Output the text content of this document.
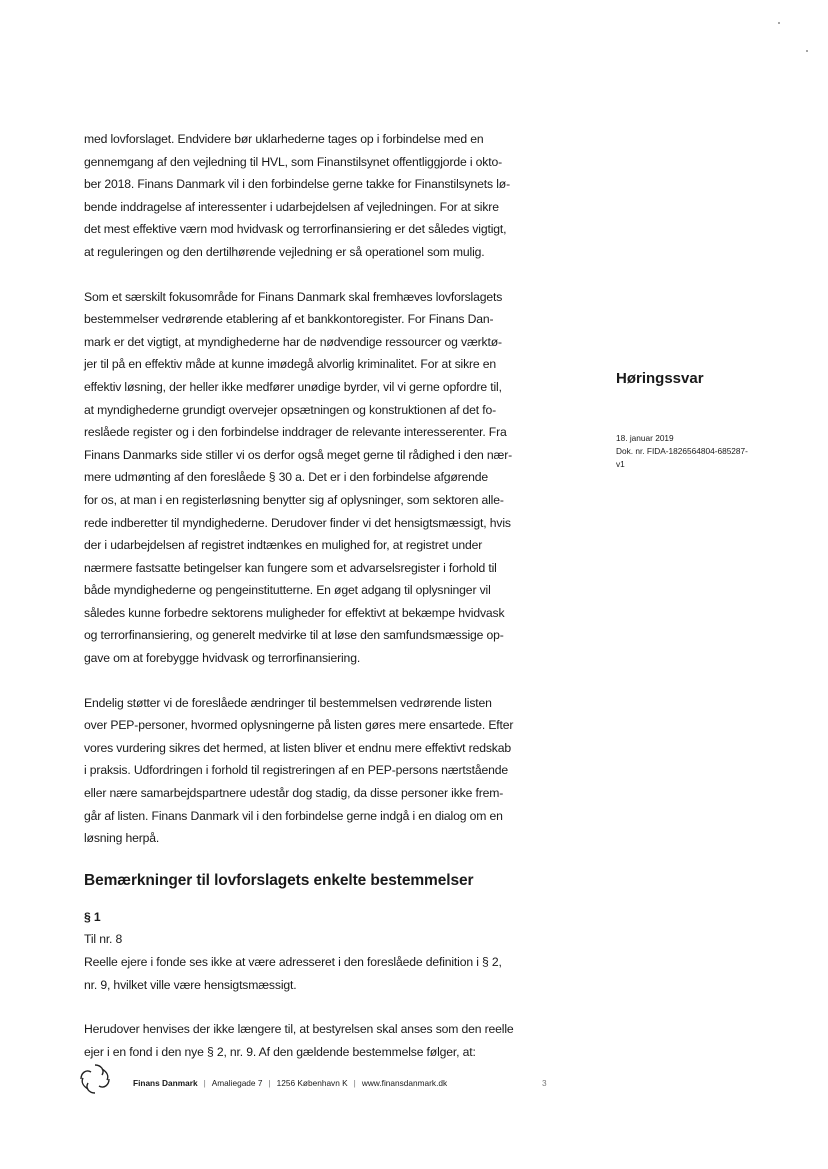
med lovforslaget. Endvidere bør uklarhederne tages op i forbindelse med en

gennemgang af den vejledning til HVL, som Finanstilsynet offentliggjorde i okto-

ber 2018. Finans Danmark vil i den forbindelse gerne takke for Finanstilsynets lø-

bende inddragelse af interessenter i udarbejdelsen af vejledningen. For at sikre

det mest effektive værn mod hvidvask og terrorfinansiering er det således vigtigt,

at reguleringen og den dertilhørende vejledning er så operationel som mulig.

Som et særskilt fokusområde for Finans Danmark skal fremhæves lovforslagets

bestemmelser vedrørende etablering af et bankkontoregister. For Finans Dan-

mark er det vigtigt, at myndighederne har de nødvendige ressourcer og værktø-

jer til på en effektiv måde at kunne imødegå alvorlig kriminalitet. For at sikre en

effektiv løsning, der heller ikke medfører unødige byrder, vil vi gerne opfordre til,

at myndighederne grundigt overvejer opsætningen og konstruktionen af det fo-

reslåede register og i den forbindelse inddrager de relevante interesserenter. Fra

Finans Danmarks side stiller vi os derfor også meget gerne til rådighed i den nær-

mere udmønting af den foreslåede § 30 a. Det er i den forbindelse afgørende

for os, at man i en registerløsning benytter sig af oplysninger, som sektoren alle-

rede indberetter til myndighederne. Derudover finder vi det hensigtsmæssigt, hvis

der i udarbejdelsen af registret indtænkes en mulighed for, at registret under

nærmere fastsatte betingelser kan fungere som et advarselsregister i forhold til

både myndighederne og pengeinstitutterne. En øget adgang til oplysninger vil

således kunne forbedre sektorens muligheder for effektivt at bekæmpe hvidvask

og terrorfinansiering, og generelt medvirke til at løse den samfundsmæssige op-

gave om at forebygge hvidvask og terrorfinansiering.

Endelig støtter vi de foreslåede ændringer til bestemmelsen vedrørende listen

over PEP-personer, hvormed oplysningerne på listen gøres mere ensartede. Efter

vores vurdering sikres det hermed, at listen bliver et endnu mere effektivt redskab

i praksis. Udfordringen i forhold til registreringen af en PEP-persons nærtstående

eller nære samarbejdspartnere udestår dog stadig, da disse personer ikke frem-

går af listen. Finans Danmark vil i den forbindelse gerne indgå i en dialog om en

løsning herpå.

Bemærkninger til lovforslagets enkelte bestemmelser

§ 1

Til nr. 8

Reelle ejere i fonde ses ikke at være adresseret i den foreslåede definition i § 2,

nr. 9, hvilket ville være hensigtsmæssigt.

Herudover henvises der ikke længere til, at bestyrelsen skal anses som den reelle

ejer i en fond i den nye § 2, nr. 9. Af den gældende bestemmelse følger, at:

Høringssvar

18. januar 2019
Dok. nr. FIDA-1826564804-685287-
v1
Finans Danmark | Amaliegade 7 | 1256 København K | www.finansdanmark.dk	3
